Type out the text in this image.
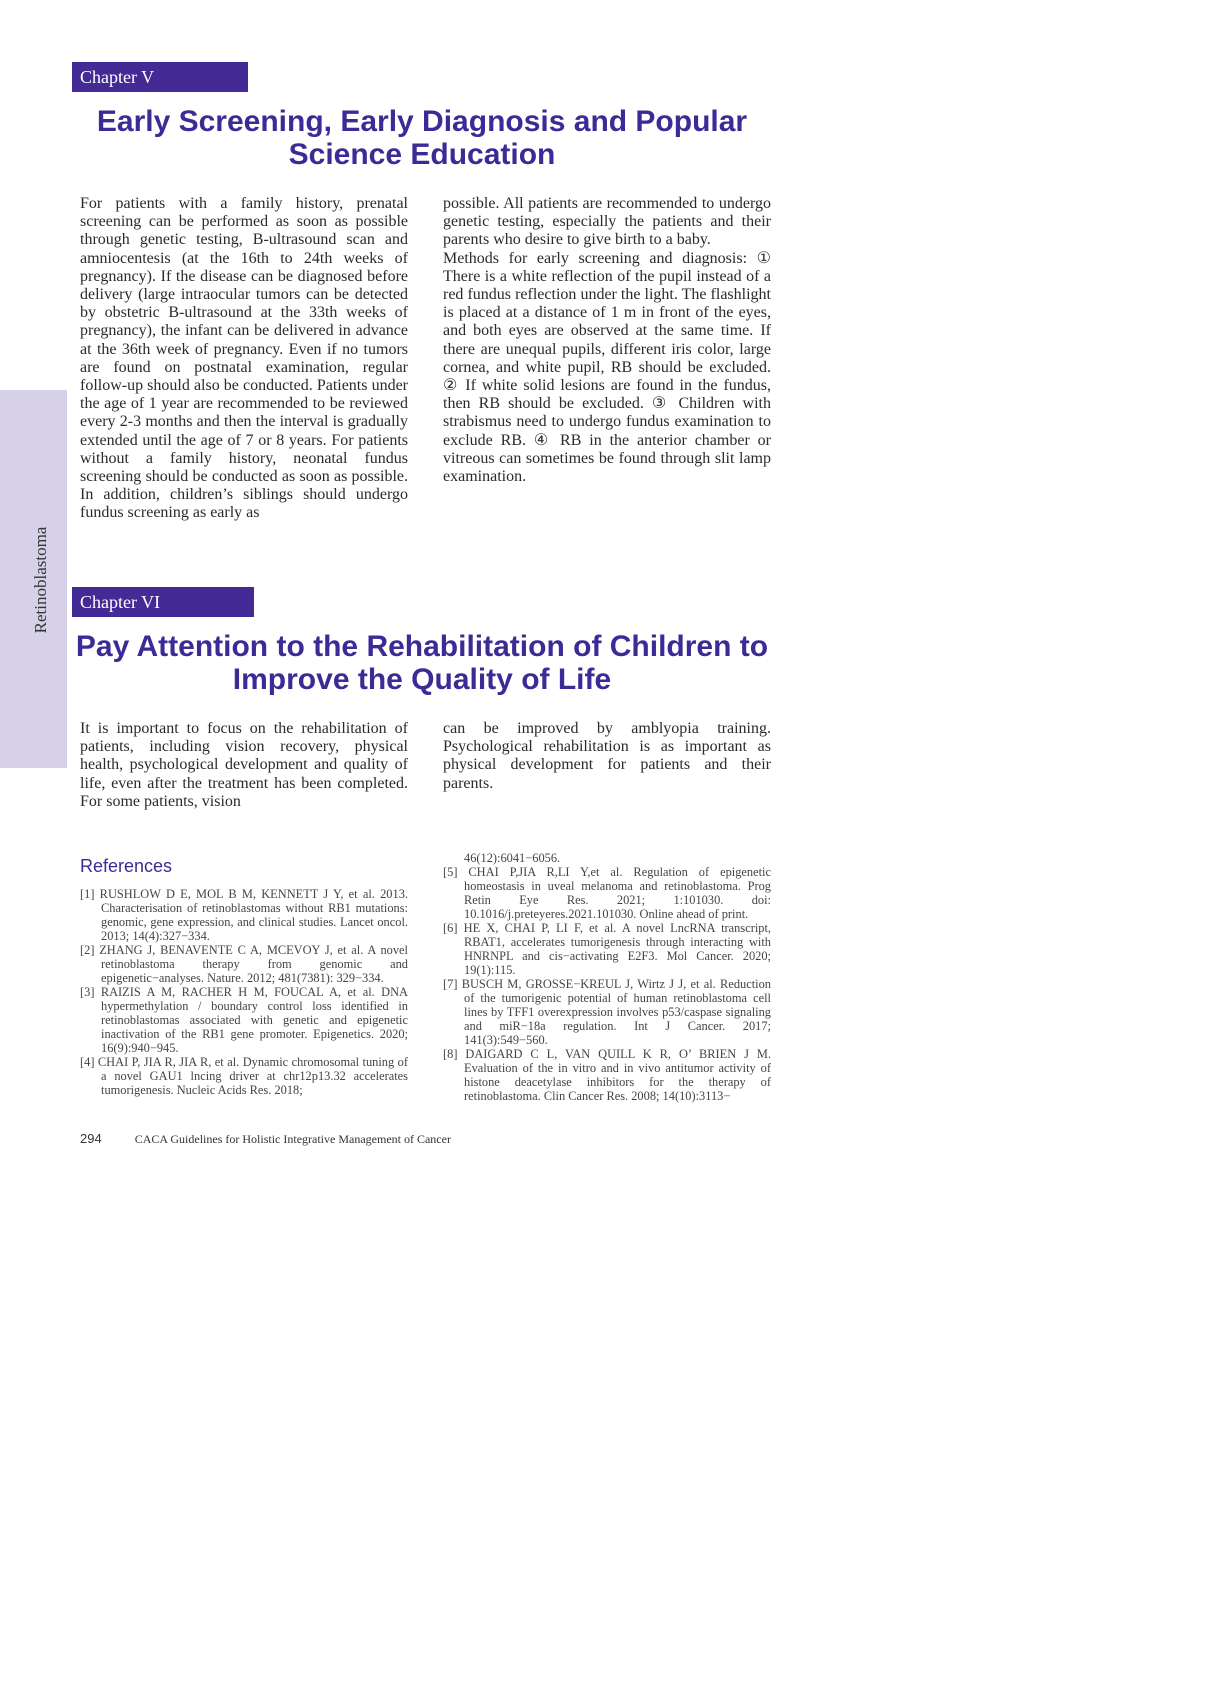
Retinoblastoma
Chapter V
Early Screening, Early Diagnosis and Popular Science Education

For patients with a family history, prenatal screening can be performed as soon as possible through genetic testing, B-ultrasound scan and amniocentesis (at the 16th to 24th weeks of pregnancy). If the disease can be diagnosed before delivery (large intraocular tumors can be detected by obstetric B-ultrasound at the 33th weeks of pregnancy), the infant can be delivered in advance at the 36th week of pregnancy. Even if no tumors are found on postnatal examination, regular follow-up should also be conducted. Patients under the age of 1 year are recommended to be reviewed every 2-3 months and then the interval is gradually extended until the age of 7 or 8 years. For patients without a family history, neonatal fundus screening should be conducted as soon as possible. In addition, children’s siblings should undergo fundus screening as early as

possible. All patients are recommended to undergo genetic testing, especially the patients and their parents who desire to give birth to a baby.

Methods for early screening and diagnosis: ① There is a white reflection of the pupil instead of a red fundus reflection under the light. The flashlight is placed at a distance of 1 m in front of the eyes, and both eyes are observed at the same time. If there are unequal pupils, different iris color, large cornea, and white pupil, RB should be excluded. ② If white solid lesions are found in the fundus, then RB should be excluded. ③ Children with strabismus need to undergo fundus examination to exclude RB. ④ RB in the anterior chamber or vitreous can sometimes be found through slit lamp examination.

Chapter VI
Pay Attention to the Rehabilitation of Children to Improve the Quality of Life

It is important to focus on the rehabilitation of patients, including vision recovery, physical health, psychological development and quality of life, even after the treatment has been completed. For some patients, vision

can be improved by amblyopia training. Psychological rehabilitation is as important as physical development for patients and their parents.

References

[1] RUSHLOW D E, MOL B M, KENNETT J Y, et al. 2013. Characterisation of retinoblastomas without RB1 mutations: genomic, gene expression, and clinical studies. Lancet oncol. 2013; 14(4):327−334.

[2] ZHANG J, BENAVENTE C A, MCEVOY J, et al. A novel retinoblastoma therapy from genomic and epigenetic−analyses. Nature. 2012; 481(7381): 329−334.

[3] RAIZIS A M, RACHER H M, FOUCAL A, et al. DNA hypermethylation / boundary control loss identified in retinoblastomas associated with genetic and epigenetic inactivation of the RB1 gene promoter. Epigenetics. 2020; 16(9):940−945.

[4] CHAI P, JIA R, JIA R, et al. Dynamic chromosomal tuning of a novel GAU1 lncing driver at chr12p13.32 accelerates tumorigenesis. Nucleic Acids Res. 2018;

46(12):6041−6056.

[5] CHAI P,JIA R,LI Y,et al. Regulation of epigenetic homeostasis in uveal melanoma and retinoblastoma. Prog Retin Eye Res. 2021; 1:101030. doi: 10.1016/j.preteyeres.2021.101030. Online ahead of print.

[6] HE X, CHAI P, LI F, et al. A novel LncRNA transcript, RBAT1, accelerates tumorigenesis through interacting with HNRNPL and cis−activating E2F3. Mol Cancer. 2020; 19(1):115.

[7] BUSCH M, GROSSE−KREUL J, Wirtz J J, et al. Reduction of the tumorigenic potential of human retinoblastoma cell lines by TFF1 overexpression involves p53/caspase signaling and miR−18a regulation. Int J Cancer. 2017; 141(3):549−560.

[8] DAIGARD C L, VAN QUILL K R, O’ BRIEN J M. Evaluation of the in vitro and in vivo antitumor activity of histone deacetylase inhibitors for the therapy of retinoblastoma. Clin Cancer Res. 2008; 14(10):3113−

294	CACA Guidelines for Holistic Integrative Management of Cancer
